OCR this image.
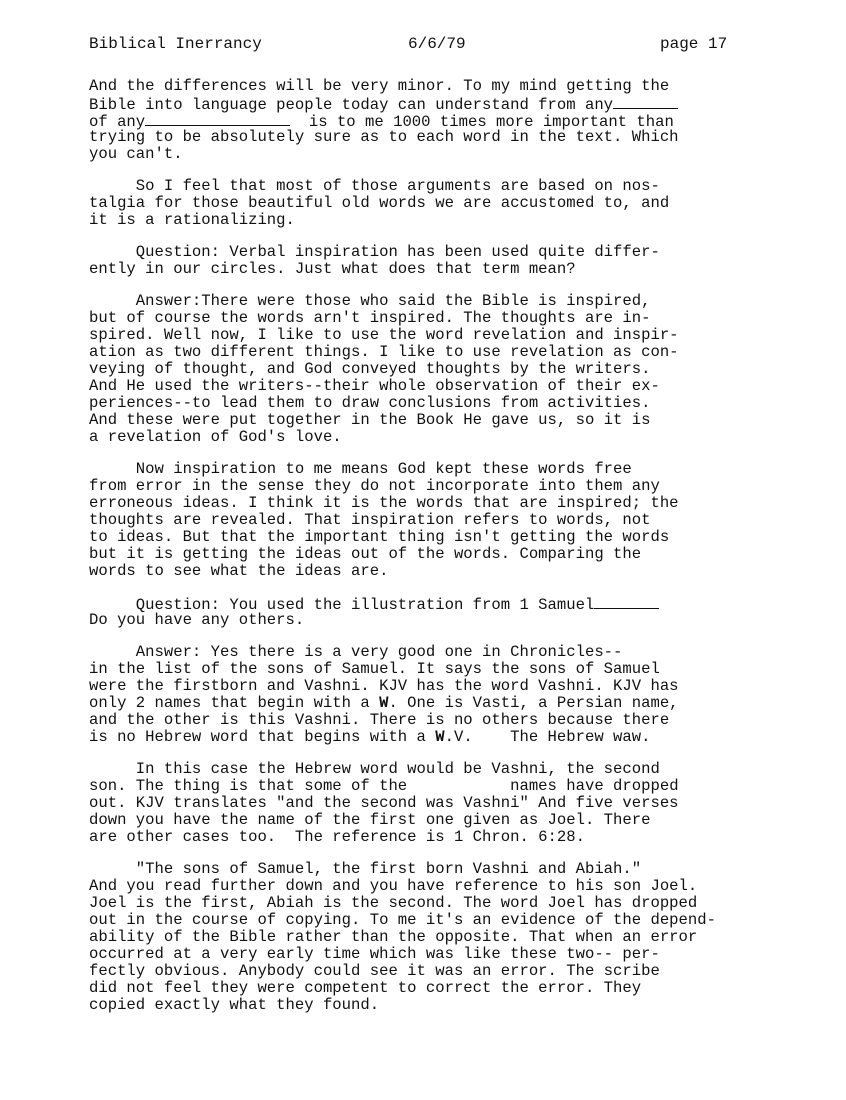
Biblical Inerrancy	6/6/79	page 17
And the differences will be very minor. To my mind getting the
Bible into language people today can understand from any
of any	is to me 1000 times more important than
trying to be absolutely sure as to each word in the text. Which
you can't.
So I feel that most of those arguments are based on nos-
talgia for those beautiful old words we are accustomed to, and
it is a rationalizing.
Question: Verbal inspiration has been used quite differ-
ently in our circles. Just what does that term mean?
Answer:There were those who said the Bible is inspired,
but of course the words arn't inspired. The thoughts are in-
spired. Well now, I like to use the word revelation and inspir-
ation as two different things. I like to use revelation as con-
veying of thought, and God conveyed thoughts by the writers.
And He used the writers--their whole observation of their ex-
periences--to lead them to draw conclusions from activities.
And these were put together in the Book He gave us, so it is
a revelation of God's love.
Now inspiration to me means God kept these words free
from error in the sense they do not incorporate into them any
erroneous ideas. I think it is the words that are inspired; the
thoughts are revealed. That inspiration refers to words, not
to ideas. But that the important thing isn't getting the words
but it is getting the ideas out of the words. Comparing the
words to see what the ideas are.
Question: You used the illustration from 1 Samuel
Do you have any others.
Answer: Yes there is a very good one in Chronicles--
in the list of the sons of Samuel. It says the sons of Samuel
were the firstborn and Vashni. KJV has the word Vashni. KJV has
only 2 names that begin with a W. One is Vasti, a Persian name,
and the other is this Vashni. There is no others because there
is no Hebrew word that begins with a W.V.    The Hebrew waw.
In this case the Hebrew word would be Vashni, the second
son. The thing is that some of the	names have dropped
out. KJV translates "and the second was Vashni" And five verses
down you have the name of the first one given as Joel. There
are other cases too.  The reference is 1 Chron. 6:28.
"The sons of Samuel, the first born Vashni and Abiah."
And you read further down and you have reference to his son Joel.
Joel is the first, Abiah is the second. The word Joel has dropped
out in the course of copying. To me it's an evidence of the depend-
ability of the Bible rather than the opposite. That when an error
occurred at a very early time which was like these two-- per-
fectly obvious. Anybody could see it was an error. The scribe
did not feel they were competent to correct the error. They
copied exactly what they found.
